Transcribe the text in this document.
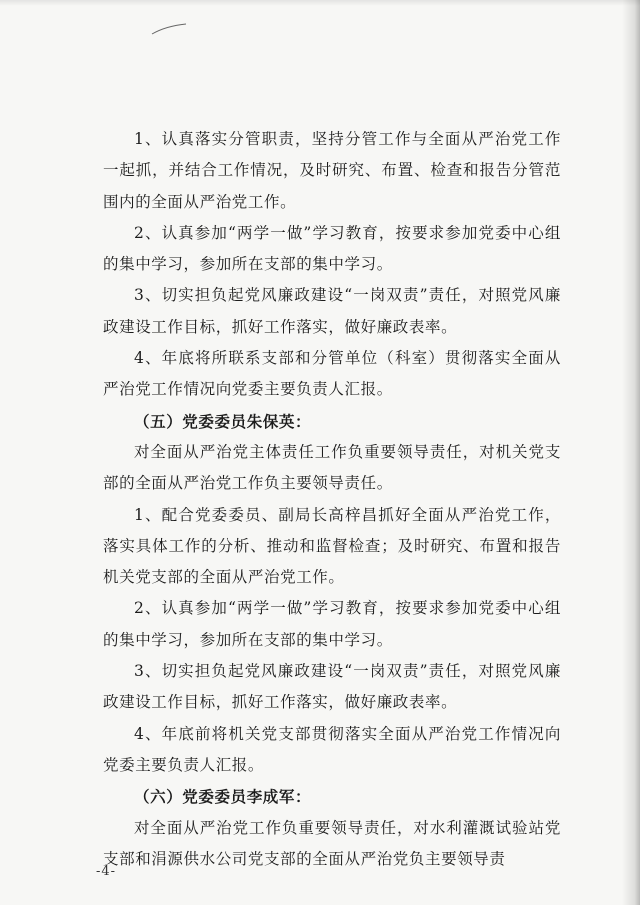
1、认真落实分管职责，坚持分管工作与全面从严治党工作一起抓，并结合工作情况，及时研究、布置、检查和报告分管范围内的全面从严治党工作。

2、认真参加“两学一做”学习教育，按要求参加党委中心组的集中学习，参加所在支部的集中学习。

3、切实担负起党风廉政建设“一岗双责”责任，对照党风廉政建设工作目标，抓好工作落实，做好廉政表率。

4、年底将所联系支部和分管单位（科室）贯彻落实全面从严治党工作情况向党委主要负责人汇报。

（五）党委委员朱保英：

对全面从严治党主体责任工作负重要领导责任，对机关党支部的全面从严治党工作负主要领导责任。

1、配合党委委员、副局长高梓昌抓好全面从严治党工作，落实具体工作的分析、推动和监督检查；及时研究、布置和报告机关党支部的全面从严治党工作。

2、认真参加“两学一做”学习教育，按要求参加党委中心组的集中学习，参加所在支部的集中学习。

3、切实担负起党风廉政建设“一岗双责”责任，对照党风廉政建设工作目标，抓好工作落实，做好廉政表率。

4、年底前将机关党支部贯彻落实全面从严治党工作情况向党委主要负责人汇报。

（六）党委委员李成军：

对全面从严治党工作负重要领导责任，对水利灌溉试验站党支部和涓源供水公司党支部的全面从严治党负主要领导责

-4-
